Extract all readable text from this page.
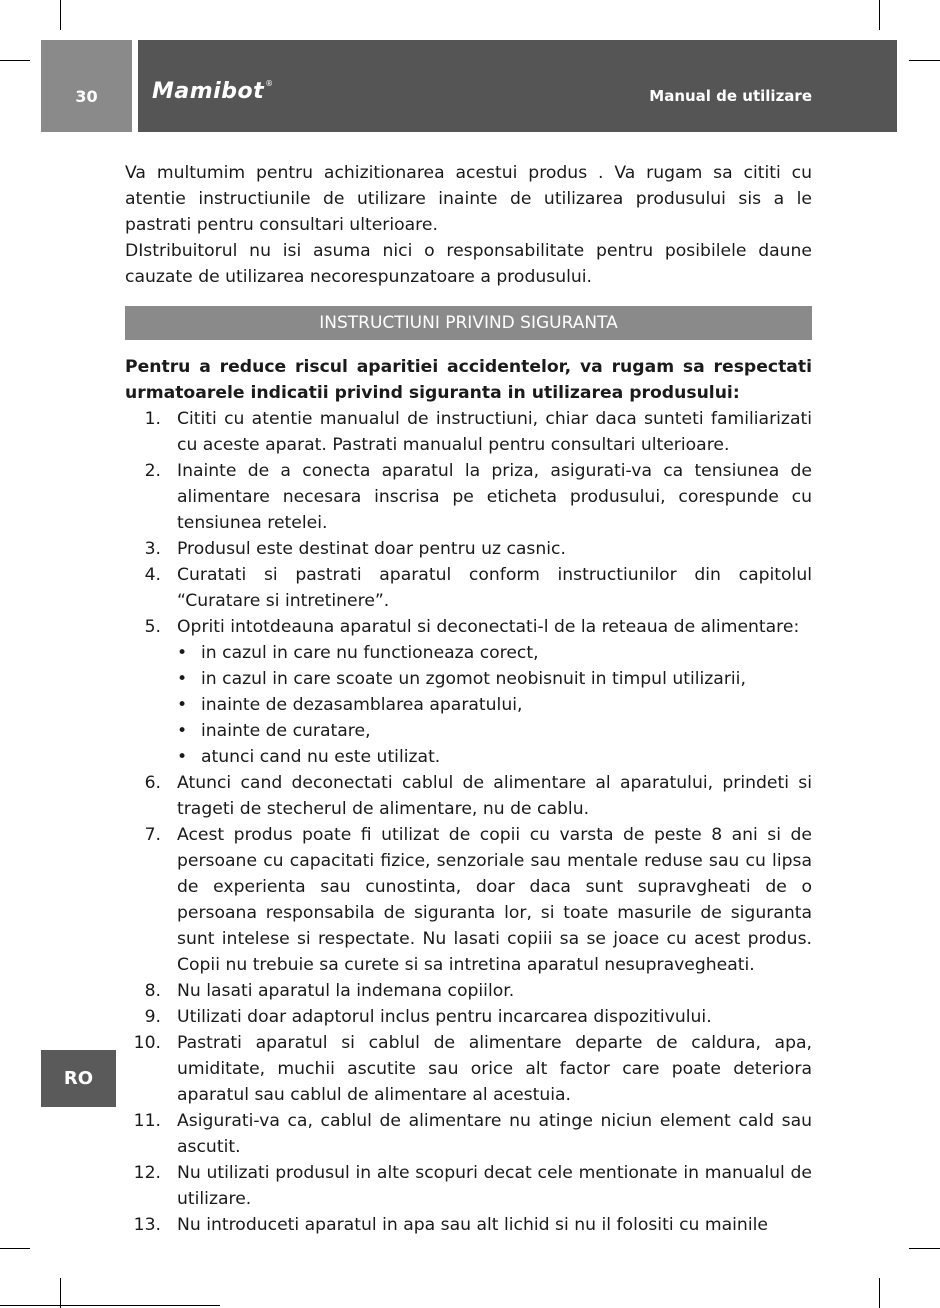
30	Mamibot®
Manual de utilizare
RO

Va multumim pentru achizitionarea acestui produs . Va rugam sa cititi cu atentie instructiunile de utilizare inainte de utilizarea produsului sis a le pastrati pentru consultari ulterioare.

DIstribuitorul nu isi asuma nici o responsabilitate pentru posibilele daune cauzate de utilizarea necorespunzatoare a produsului.

INSTRUCTIUNI PRIVIND SIGURANTA

Pentru a reduce riscul aparitiei accidentelor, va rugam sa respectati urmatoarele indicatii privind siguranta in utilizarea produsului:

1. Cititi cu atentie manualul de instructiuni, chiar daca sunteti familiarizati cu aceste aparat. Pastrati manualul pentru consultari ulterioare.
2. Inainte de a conecta aparatul la priza, asigurati-va ca tensiunea de alimentare necesara inscrisa pe eticheta produsului, corespunde cu tensiunea retelei.
3. Produsul este destinat doar pentru uz casnic.
4. Curatati si pastrati aparatul conform instructiunilor din capitolul “Curatare si intretinere”.
5. Opriti intotdeauna aparatul si deconectati-l de la reteaua de alimentare:
• in cazul in care nu functioneaza corect,
• in cazul in care scoate un zgomot neobisnuit in timpul utilizarii,
• inainte de dezasamblarea aparatului,
• inainte de curatare,
• atunci cand nu este utilizat.
6. Atunci cand deconectati cablul de alimentare al aparatului, prindeti si trageti de stecherul de alimentare, nu de cablu.
7. Acest produs poate fi utilizat de copii cu varsta de peste 8 ani si de persoane cu capacitati fizice, senzoriale sau mentale reduse sau cu lipsa de experienta sau cunostinta, doar daca sunt supravgheati de o persoana responsabila de siguranta lor, si toate masurile de siguranta sunt intelese si respectate. Nu lasati copiii sa se joace cu acest produs. Copii nu trebuie sa curete si sa intretina aparatul nesupravegheati.
8. Nu lasati aparatul la indemana copiilor.
9. Utilizati doar adaptorul inclus pentru incarcarea dispozitivului.
10. Pastrati aparatul si cablul de alimentare departe de caldura, apa, umiditate, muchii ascutite sau orice alt factor care poate deteriora aparatul sau cablul de alimentare al acestuia.
11. Asigurati-va ca, cablul de alimentare nu atinge niciun element cald sau ascutit.
12. Nu utilizati produsul in alte scopuri decat cele mentionate in manualul de utilizare.
13. Nu introduceti aparatul in apa sau alt lichid si nu il folositi cu mainile
